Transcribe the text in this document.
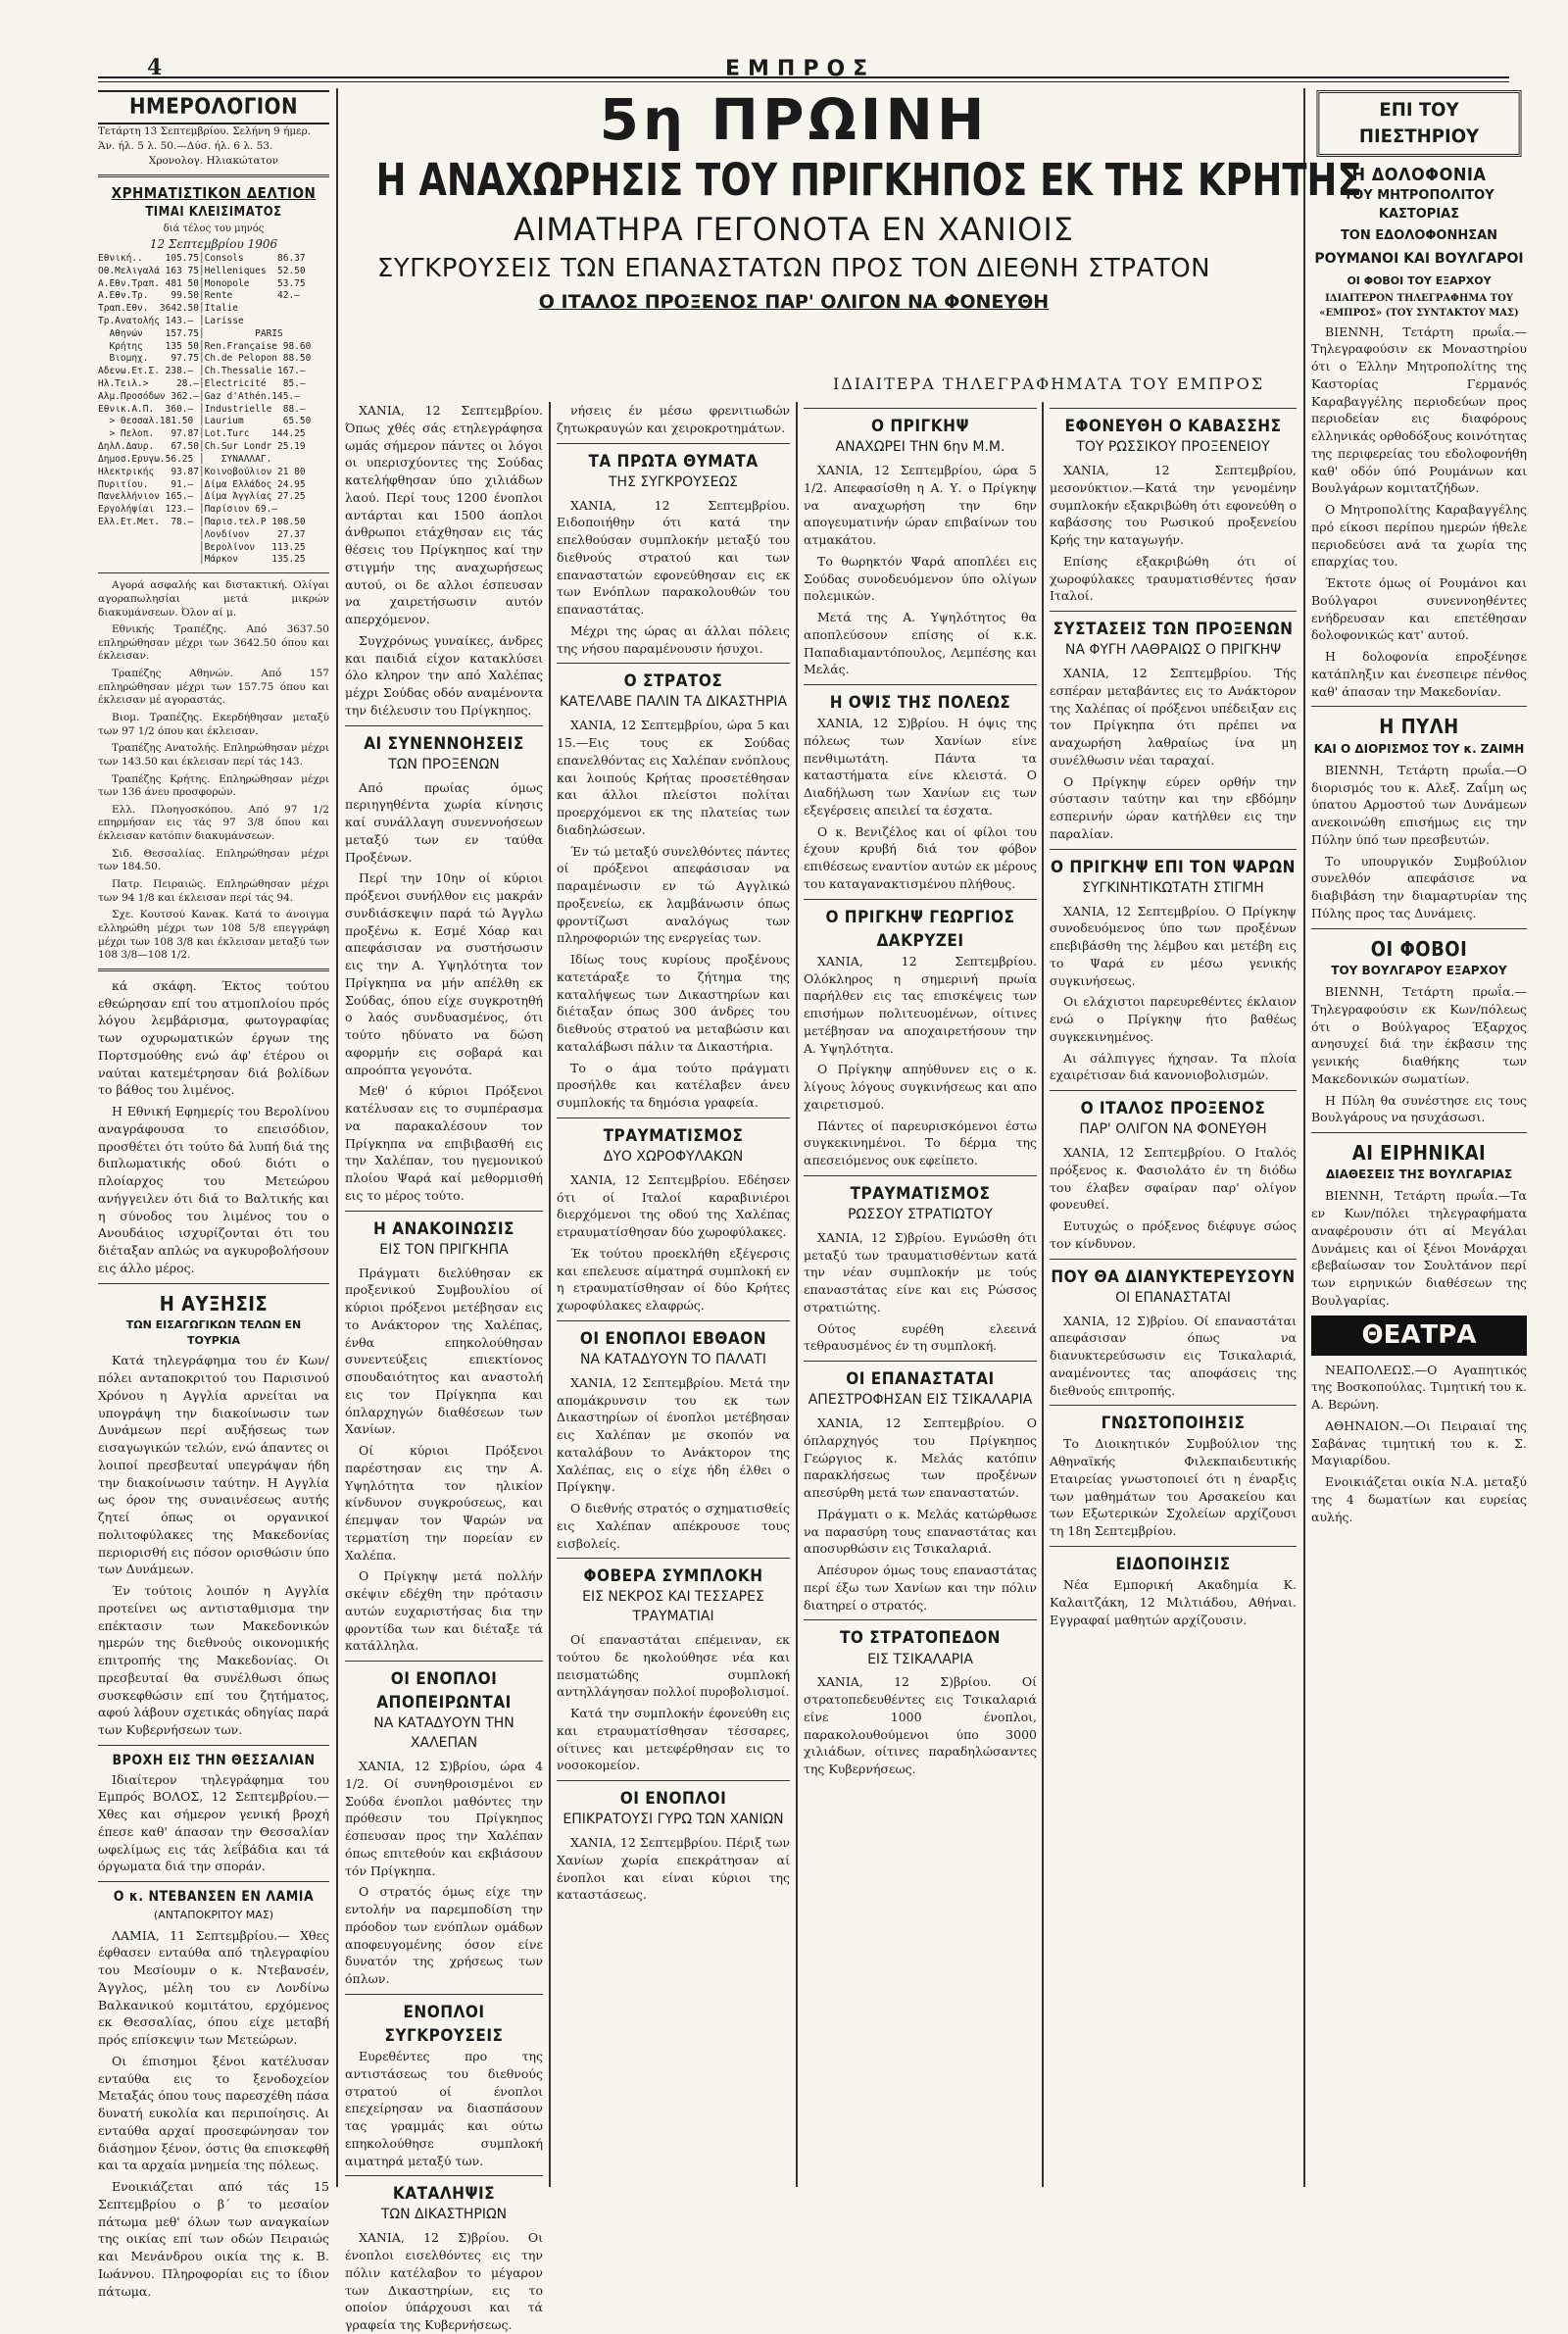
4	ΕΜΠΡΟΣ
5η ΠΡΩΙΝΗ
Η ΑΝΑΧΩΡΗΣΙΣ ΤΟΥ ΠΡΙΓΚΗΠΟΣ ΕΚ ΤΗΣ ΚΡΗΤΗΣ
ΑΙΜΑΤΗΡΑ ΓΕΓΟΝΟΤΑ ΕΝ ΧΑΝΙΟΙΣ
ΣΥΓΚΡΟΥΣΕΙΣ ΤΩΝ ΕΠΑΝΑΣΤΑΤΩΝ ΠΡΟΣ ΤΟΝ ΔΙΕΘΝΗ ΣΤΡΑΤΟΝ
Ο ΙΤΑΛΟΣ ΠΡΟΞΕΝΟΣ ΠΑΡ' ΟΛΙΓΟΝ ΝΑ ΦΟΝΕΥΘΗ
ΙΔΙΑΙΤΕΡΑ ΤΗΛΕΓΡΑΦΗΜΑΤΑ ΤΟΥ ΕΜΠΡΟΣ
ΗΜΕΡΟΛΟΓΙΟΝ
Τετάρτη 13 Σεπτεμβρίου. Σελήνη 9 ήμερ.
Άν. ήλ. 5 λ. 50.—Δύσ. ήλ. 6 λ. 53.
Χρονολογ. Ηλιακώτατον
ΧΡΗΜΑΤΙΣΤΙΚΟΝ ΔΕΛΤΙΟΝ
ΤΙΜΑΙ ΚΛΕΙΣΙΜΑΤΟΣ
διά τέλος του μηνός
12 Σεπτεμβρίου 1906
Εθνική..    105.75│Consols      86.37
Οθ.Μελιγαλά 163 75│Helleniques  52.50
Α.Εθν.Τραπ. 481 50│Monopole     53.75
Α.Εθν.Τρ.    99.50│Rente        42.—
Τραπ.Εθν.  3642.50│Italie
Τρ.Ανατολής 143.— │Larisse
Αθηνών    157.75│         PARIS
Κρήτης    135 50│Ren.Française 98.60
Βιομηχ.    97.75│Ch.de Pelopon 88.50
Αδενω.Ετ.Σ. 238.— │Ch.Thessalie 167.—
Ηλ.Τειλ.>     28.—│Electricité   85.—
Αλμ.Προσόδων 362.—│Gaz d'Athén.145.—
Εθνικ.Α.Π.  360.— │Industrielle  88.—
> Θεσσαλ.181.50 │Laurium       65.50
> Πελοπ.   97.87│Lot.Turc    144.25
ΔηλΛ.Δαυρ.   67.50│Ch.Sur Londr 25.19
Δημοσ.Ερυγω.56.25 │   ΣΥΝΑΛΛΑΓ.
Ηλεκτρικής   93.87│Κοινοβούλιον 21 80
Πυριτίου.    91.— │Δίμα Ελλάδος 24.95
Πανελλήνιον 165.— │Δίμα Άγγλίας 27.25
Εργολήψίαι  123.— │Παρίσιον 69.—
Ελλ.Ετ.Μετ.  78.— │Παρισ.τελ.Ρ 108.50
│Λονδίνον     27.37
│Βερολίνον   113.25
│Μάρκον      135.25

Αγορά ασφαλής και διστακτική. Ολίγαι αγοραπωλησίαι μετά μικρών διακυμάνσεων. Όλον αί μ.

Εθνικής Τραπέζης. Από 3637.50 επληρώθησαν μέχρι των 3642.50 όπου και έκλεισαν.

Τραπέζης Αθηνών. Από 157 επληρώθησαν μέχρι των 157.75 όπου και έκλεισαν μέ αγοραστάς.

Βιομ. Τραπέζης. Εκερδήθησαν μεταξύ των 97 1/2 όπου και έκλεισαν.

Τραπέζης Ανατολής. Επληρώθησαν μέχρι των 143.50 και έκλεισαν περί τάς 143.

Τραπέζης Κρήτης. Επληρώθησαν μέχρι των 136 άνευ προσφορών.

Ελλ. Πλοηγοσκόπου. Από 97 1/2 επηρμήσαν εις τάς 97 3/8 όπου και έκλεισαν κατόπιν διακυμάνσεων.

Σιδ. Θεσσαλίας. Επληρώθησαν μέχρι των 184.50.

Πατρ. Πειραιώς. Επληρώθησαν μέχρι των 94 1/8 και έκλεισαν περί τάς 94.

Σχε. Κουτσού Κανακ. Κατά το άνοιγμα ελληρώθη μέχρι των 108 5/8 επεγγράφη μέχρι των 108 3/8 και έκλεισαν μεταξύ των 108 3/8—108 1/2.

κά σκάφη. Έκτος τούτου εθεώρησαν επί του ατμοπλοίου πρός λόγου λεμβάρισμα, φωτογραφίας των οχυρωματικών έργων της Πορτσμούθης ενώ άφ' έτέρου οι ναύται κατεμέτρησαν διά βολίδων το βάθος του λιμένος.

Η Εθνική Εφημερίς του Βερολίνου αναγράφουσα το επεισόδιον, προσθέτει ότι τούτο δά λυπή διά της διπλωματικής οδού διότι ο πλοίαρχος του Μετεώρου ανήγγειλεν ότι διά το Βαλτικής και η σύνοδος του λιμένος του ο Ανουδάιος ισχυρίζονται ότι του διέταξαν απλώς να αγκυροβολήσουν εις άλλο μέρος.

Η ΑΥΞΗΣΙΣ
ΤΩΝ ΕΙΣΑΓΩΓΙΚΩΝ ΤΕΛΩΝ ΕΝ ΤΟΥΡΚΙΑ

Κατά τηλεγράφημα του έν Κων/πόλει ανταποκριτού του Παρισινού Χρόνου η Αγγλία αρνείται να υπογράψη την διακοίνωσιν των Δυνάμεων περί αυξήσεως των εισαγωγικών τελών, ενώ άπαντες οι λοιποί πρεσβευταί υπεγράψαν ήδη την διακοίνωσιν ταύτην. Η Αγγλία ως όρον της συναινέσεως αυτής ζητεί όπως οι οργανικοί πολιτοφύλακες της Μακεδονίας περιορισθή εις πόσον ορισθώσιν ύπο των Δυνάμεων.

Έν τούτοις λοιπόν η Αγγλία προτείνει ως αντισταθμισμα την επέκτασιν των Μακεδονικών ημερών της διεθνούς οικονομικής επιτροπής της Μακεδονίας. Οι πρεσβευταί θα συνέλθωσι όπως συσκεφθώσιν επί του ζητήματος, αφού λάβουν σχετικάς οδηγίας παρά των Κυβερνήσεων των.

ΒΡΟΧΗ ΕΙΣ ΤΗΝ ΘΕΣΣΑΛΙΑΝ

Ιδιαίτερον τηλεγράφημα του Εμπρός ΒΟΛΟΣ, 12 Σεπτεμβρίου.—Χθες και σήμερον γενική βροχή έπεσε καθ' άπασαν την Θεσσαλίαν ωφελίμως εις τάς λεΐβάδια και τά όργωματα διά την σποράν.

Ο κ. ΝΤΕΒΑΝΣΕΝ ΕΝ ΛΑΜΙΑ
(ΑΝΤΑΠΟΚΡΙΤΟΥ ΜΑΣ)

ΛΑΜΙΑ, 11 Σεπτεμβρίου.— Χθες έφθασεν ενταύθα από τηλεγραφίου του Μεσίουμν ο κ. Ντεβανσέν, Άγγλος, μέλη του εν Λονδίνω Βαλκανικού κομιτάτου, ερχόμενος εκ Θεσσαλίας, όπου είχε μεταβή πρός επίσκεψιν των Μετεώρων.

Οι έπισημοι ξένοι κατέλυσαν ενταύθα εις το ξενοδοχείον Μεταξάς όπου τους παρεσχέθη πάσα δυνατή ευκολία και περιποίησις. Αι ενταύθα αρχαί προσεφώνησαν τον διάσημον ξένον, όστις θα επισκεφθή και τα αρχαία μνημεία της πόλεως.

Ενοικιάζεται από τάς 15 Σεπτεμβρίου ο β΄ το μεσαίον πάτωμα μεθ' όλων των αναγκαίων της οικίας επί των οδών Πειραιώς και Μενάνδρου οικία της κ. Β. Ιωάννου. Πληροφορίαι εις το ίδιον πάτωμα.

ΧΑΝΙΑ, 12 Σεπτεμβρίου. Όπως χθές σάς ετηλεγράφησα ωμάς σήμερον πάντες οι λόγοι οι υπερισχύοντες της Σούδας κατελήφθησαν ύπο χιλιάδων λαού. Περί τους 1200 ένοπλοι αντάρται και 1500 άοπλοι άνθρωποι ετάχθησαν εις τάς θέσεις του Πρίγκηπος καί την στιγμήν της αναχωρήσεως αυτού, οι δε αλλοι έσπευσαν να χαιρετήσωσιν αυτόν απερχόμενον.

Συγχρόνως γυναίκες, άνδρες και παιδιά είχον κατακλύσει όλο κληρον την από Χαλέπας μέχρι Σούδας οδόν αναμένοντα την διέλευσιν του Πρίγκηπος.

ΑΙ ΣΥΝΕΝΝΟΗΣΕΙΣ
ΤΩΝ ΠΡΟΞΕΝΩΝ

Από πρωίας όμως περιηγηθέντα χωρία κίνησις καί συνάλλαγη συνεννοήσεων μεταξύ των εν ταύθα Προξένων.

Περί την 10ην οί κύριοι πρόξενοι συνήλθον εις μακράν συνδιάσκεψιν παρά τώ Άγγλω προξένω κ. Εσμέ Χόαρ και απεφάσισαν να συστήσωσιν εις την Α. Υψηλότητα τον Πρίγκηπα να μήν απέλθη εκ Σούδας, όπου είχε συγκροτηθή ο λαός συνδυασμένος, ότι τούτο ηδύνατο να δώση αφορμήν εις σοβαρά και απροόπτα γεγονότα.

Μεθ' ό κύριοι Πρόξενοι κατέλυσαν εις το συμπέρασμα να παρακαλέσουν τον Πρίγκηπα να επιβιβασθή εις την Χαλέπαν, του ηγεμονικού πλοίου Ψαρά καί μεθορμισθή εις το μέρος τούτο.

Η ΑΝΑΚΟΙΝΩΣΙΣ
ΕΙΣ ΤΟΝ ΠΡΙΓΚΗΠΑ

Πράγματι διελύθησαν εκ προξενικού Συμβουλίου οί κύριοι πρόξενοι μετέβησαν εις το Ανάκτορον της Χαλέπας, ένθα επηκολούθησαν συνεντεύξεις επιεκτίονος σπουδαιότητος και αναστολή εις τον Πρίγκηπα και όπλαρχηγών διαθέσεων των Χανίων.

Οί κύριοι Πρόξενοι παρέστησαν εις την Α. Υψηλότητα τον ηλικίον κίνδυνον συγκρούσεως, και έπεμψαν τον Ψαρών να τερματίση την πορείαν εν Χαλέπα.

Ο Πρίγκηψ μετά πολλήν σκέψιν εδέχθη την πρότασιν αυτών ευχαριστήσας δια την φροντίδα των και διέταξε τά κατάλληλα.

ΟΙ ΕΝΟΠΛΟΙ ΑΠΟΠΕΙΡΩΝΤΑΙ
ΝΑ ΚΑΤΑΔΥΟΥΝ ΤΗΝ ΧΑΛΕΠΑΝ

ΧΑΝΙΑ, 12 Σ)βρίου, ώρα 4 1/2. Οί συνηθροισμένοι εν Σούδα ένοπλοι μαθόντες την πρόθεσιν του Πρίγκηπος έσπευσαν προς την Χαλέπαν όπως επιτεθούν και εκβιάσουν τόν Πρίγκηπα.

Ο στρατός όμως είχε την εντολήν να παρεμποδίση την πρόοδον των ενόπλων ομάδων αποφευγομένης όσον είνε δυνατόν της χρήσεως των όπλων.

ΕΝΟΠΛΟΙ ΣΥΓΚΡΟΥΣΕΙΣ

Ευρεθέντες προ της αντιστάσεως του διεθνούς στρατού οί ένοπλοι επεχείρησαν να διασπάσουν τας γραμμάς και ούτω επηκολούθησε συμπλοκή αιματηρά μεταξύ των.

ΚΑΤΑΛΗΨΙΣ
ΤΩΝ ΔΙΚΑΣΤΗΡΙΩΝ

ΧΑΝΙΑ, 12 Σ)βρίου. Οι ένοπλοι εισελθόντες εις την πόλιν κατέλαβον το μέγαρον των Δικαστηρίων, εις το οποίον ύπάρχουσι και τά γραφεία της Κυβερνήσεως.

νήσεις έν μέσω φρενιτιωδών ζητωκραυγών και χειροκροτημάτων.

ΤΑ ΠΡΩΤΑ ΘΥΜΑΤΑ
ΤΗΣ ΣΥΓΚΡΟΥΣΕΩΣ

ΧΑΝΙΑ, 12 Σεπτεμβρίου. Ειδοποιήθην ότι κατά την επελθούσαν συμπλοκήν μεταξύ του διεθνούς στρατού και των επαναστατών εφονεύθησαν εις εκ των Ενόπλων παρακολουθών του επαναστάτας.

Μέχρι της ώρας αι άλλαι πόλεις της νήσου παραμένουσιν ήσυχοι.

Ο ΣΤΡΑΤΟΣ
ΚΑΤΕΛΑΒΕ ΠΑΛΙΝ ΤΑ ΔΙΚΑΣΤΗΡΙΑ

ΧΑΝΙΑ, 12 Σεπτεμβρίου, ώρα 5 και 15.—Εις τους εκ Σούδας επανελθόντας εις Χαλέπαν ενόπλους και λοιπούς Κρήτας προσετέθησαν και άλλοι πλείστοι πολίται προερχόμενοι εκ της πλατείας των διαδηλώσεων.

Έν τώ μεταξύ συνελθόντες πάντες οί πρόξενοι απεφάσισαν να παραμένωσιν εν τώ Αγγλικώ προξενείω, εκ λαμβάνωσιν όπως φροντίζωσι αναλόγως των πληροφοριών της ενεργείας των.

Ιδίως τους κυρίους προξένους κατετάραξε το ζήτημα της καταλήψεως των Δικαστηρίων και διέταξαν όπως 300 άνδρες του διεθνούς στρατού να μεταβώσιν και καταλάβωσι πάλιν τα Δικαστήρια.

Το ο άμα τούτο πράγματι προσήλθε και κατέλαβεν άνευ συμπλοκής τα δημόσια γραφεία.

ΤΡΑΥΜΑΤΙΣΜΟΣ
ΔΥΟ ΧΩΡΟΦΥΛΑΚΩΝ

ΧΑΝΙΑ, 12 Σεπτεμβρίου. Εδέησεν ότι οί Ιταλοί καραβινιέροι διερχόμενοι της οδού της Χαλέπας ετραυματίσθησαν δύο χωροφύλακες.

Έκ τούτου προεκλήθη εξέγερσις και επελευσε αίματηρά συμπλοκή εν η ετραυματίσθησαν οί δύο Κρήτες χωροφύλακες ελαφρώς.

ΟΙ ΕΝΟΠΛΟΙ ΕΒΘΑΟΝ
ΝΑ ΚΑΤΑΔΥΟΥΝ ΤΟ ΠΑΛΑΤΙ

ΧΑΝΙΑ, 12 Σεπτεμβρίου. Μετά την απομάκρυνσιν του εκ των Δικαστηρίων οί ένοπλοι μετέβησαν εις Χαλέπαν με σκοπόν να καταλάβουν το Ανάκτορον της Χαλέπας, εις ο είχε ήδη έλθει ο Πρίγκηψ.

Ο διεθνής στρατός ο σχηματισθείς εις Χαλέπαν απέκρουσε τους εισβολείς.

ΦΟΒΕΡΑ ΣΥΜΠΛΟΚΗ
ΕΙΣ ΝΕΚΡΟΣ ΚΑΙ ΤΕΣΣΑΡΕΣ ΤΡΑΥΜΑΤΙΑΙ

Οί επαναστάται επέμειναν, εκ τούτου δε ηκολούθησε νέα και πεισματώδης συμπλοκή αντηλλάγησαν πολλοί πυροβολισμοί.

Κατά την συμπλοκήν έφονεύθη εις και ετραυματίσθησαν τέσσαρες, οίτινες και μετεφέρθησαν εις το νοσοκομείον.

ΟΙ ΕΝΟΠΛΟΙ
ΕΠΙΚΡΑΤΟΥΣΙ ΓΥΡΩ ΤΩΝ ΧΑΝΙΩΝ

ΧΑΝΙΑ, 12 Σεπτεμβρίου. Πέριξ των Χανίων χωρία επεκράτησαν αί ένοπλοι και είναι κύριοι της καταστάσεως.

Ο ΠΡΙΓΚΗΨ
ΑΝΑΧΩΡΕΙ ΤΗΝ 6ην Μ.Μ.

ΧΑΝΙΑ, 12 Σεπτεμβρίου, ώρα 5 1/2. Απεφασίσθη η Α. Υ. ο Πρίγκηψ να αναχωρήση την 6ην απογευματινήν ώραν επιβαίνων του ατμακάτου.

Το θωρηκτόν Ψαρά αποπλέει εις Σούδας συνοδευόμενον ύπο ολίγων πολεμικών.

Μετά της Α. Υψηλότητος θα αποπλεύσουν επίσης οί κ.κ. Παπαδιαμαντόπουλος, Λεμπέσης και Μελάς.

Η ΟΨΙΣ ΤΗΣ ΠΟΛΕΩΣ

ΧΑΝΙΑ, 12 Σ)βρίου. Η όψις της πόλεως των Χανίων είνε πενθιμωτάτη. Πάντα τα καταστήματα είνε κλειστά. Ο Διαδήλωση των Χανίων εις των εξεγέρσεις απειλεί τα έσχατα.

Ο κ. Βενιζέλος και οί φίλοι του έχουν κρυβή διά τον φόβον επιθέσεως εναντίον αυτών εκ μέρους του καταγανακτισμένου πλήθους.

Ο ΠΡΙΓΚΗΨ ΓΕΩΡΓΙΟΣ ΔΑΚΡΥΖΕΙ

ΧΑΝΙΑ, 12 Σεπτεμβρίου. Ολόκληρος η σημερινή πρωία παρήλθεν εις τας επισκέψεις των επισήμων πολιτευομένων, οίτινες μετέβησαν να αποχαιρετήσουν την Α. Υψηλότητα.

Ο Πρίγκηψ απηύθυνεν εις ο κ. λίγους λόγους συγκινήσεως και απο χαιρετισμού.

Πάντες οί παρευρισκόμενοι έστω συγκεκινημένοι. Το δέρμα της απεσειόμενος ουκ εφείπετο.

ΤΡΑΥΜΑΤΙΣΜΟΣ
ΡΩΣΣΟΥ ΣΤΡΑΤΙΩΤΟΥ

ΧΑΝΙΑ, 12 Σ)βρίου. Εγνώσθη ότι μεταξύ των τραυματισθέντων κατά την νέαν συμπλοκήν με τούς επαναστάτας είνε και εις Ρώσσος στρατιώτης.

Ούτος ευρέθη ελεεινά τεθραυσμένος έν τη συμπλοκή.

ΟΙ ΕΠΑΝΑΣΤΑΤΑΙ
ΑΠΕΣΤΡΟΦΗΣΑΝ ΕΙΣ ΤΣΙΚΑΛΑΡΙΑ

ΧΑΝΙΑ, 12 Σεπτεμβρίου. Ο όπλαρχηγός του Πρίγκηπος Γεώργιος κ. Μελάς κατόπιν παρακλήσεως των προξένων απεσύρθη μετά των επαναστατών.

Πράγματι ο κ. Μελάς κατώρθωσε να παρασύρη τους επαναστάτας και αποσυρθώσιν εις Τσικαλαριά.

Απέσυρον όμως τους επαναστάτας περί έξω των Χανίων και την πόλιν διατηρεί ο στρατός.

ΤΟ ΣΤΡΑΤΟΠΕΔΟΝ
ΕΙΣ ΤΣΙΚΑΛΑΡΙΑ

ΧΑΝΙΑ, 12 Σ)βρίου. Οί στρατοπεδευθέντες εις Τσικαλαριά είνε 1000 ένοπλοι, παρακολουθούμενοι ύπο 3000 χιλιάδων, οίτινες παραδηλώσαντες της Κυβερνήσεως.

ΕΦΟΝΕΥΘΗ Ο ΚΑΒΑΣΣΗΣ
ΤΟΥ ΡΩΣΣΙΚΟΥ ΠΡΟΞΕΝΕΙΟΥ

ΧΑΝΙΑ, 12 Σεπτεμβρίου, μεσονύκτιον.—Κατά την γενομένην συμπλοκήν εξακριβώθη ότι εφονεύθη ο καβάσσης του Ρωσικού προξενείου Κρής την καταγωγήν.

Επίσης εξακριβώθη ότι οί χωροφύλακες τραυματισθέντες ήσαν Ιταλοί.

ΣΥΣΤΑΣΕΙΣ ΤΩΝ ΠΡΟΞΕΝΩΝ
ΝΑ ΦΥΓΗ ΛΑΘΡΑΙΩΣ Ο ΠΡΙΓΚΗΨ

ΧΑΝΙΑ, 12 Σεπτεμβρίου. Τής εσπέραν μεταβάντες εις το Ανάκτορον της Χαλέπας οί πρόξενοι υπέδειξαν εις τον Πρίγκηπα ότι πρέπει να αναχωρήση λαθραίως ίνα μη συνέλθωσιν νέαι ταραχαί.

Ο Πρίγκηψ εύρεν ορθήν την σύστασιν ταύτην και την εβδόμην εσπερινήν ώραν κατήλθεν εις την παραλίαν.

Ο ΠΡΙΓΚΗΨ ΕΠΙ ΤΟΝ ΨΑΡΩΝ
ΣΥΓΚΙΝΗΤΙΚΩΤΑΤΗ ΣΤΙΓΜΗ

ΧΑΝΙΑ, 12 Σεπτεμβρίου. Ο Πρίγκηψ συνοδευόμενος ύπο των προξένων επεβιβάσθη της λέμβου και μετέβη εις το Ψαρά εν μέσω γενικής συγκινήσεως.

Οι ελάχιστοι παρευρεθέντες έκλαιον ενώ ο Πρίγκηψ ήτο βαθέως συγκεκινημένος.

Αι σάλπιγγες ήχησαν. Τα πλοία εχαιρέτισαν διά κανονιοβολισμών.

Ο ΙΤΑΛΟΣ ΠΡΟΞΕΝΟΣ
ΠΑΡ' ΟΛΙΓΟΝ ΝΑ ΦΟΝΕΥΘΗ

ΧΑΝΙΑ, 12 Σεπτεμβρίου. Ο Ιταλός πρόξενος κ. Φασιολάτο έν τη διόδω του έλαβεν σφαίραν παρ' ολίγον φονευθεί.

Ευτυχώς ο πρόξενος διέφυγε σώος τον κίνδυνον.

ΠΟΥ ΘΑ ΔΙΑΝΥΚΤΕΡΕΥΣΟΥΝ
ΟΙ ΕΠΑΝΑΣΤΑΤΑΙ

ΧΑΝΙΑ, 12 Σ)βρίου. Οί επαναστάται απεφάσισαν όπως να διανυκτερεύσωσιν εις Τσικαλαριά, αναμένοντες τας αποφάσεις της διεθνούς επιτροπής.

ΓΝΩΣΤΟΠΟΙΗΣΙΣ

Το Διοικητικόν Συμβούλιον της Αθηναϊκής Φιλεκπαιδευτικής Εταιρείας γνωστοποιεί ότι η έναρξις των μαθημάτων του Αρσακείου και των Εξωτερικών Σχολείων αρχίζουσι τη 18η Σεπτεμβρίου.

ΕΙΔΟΠΟΙΗΣΙΣ

Νέα Εμπορική Ακαδημία Κ. Καλαιτζάκη, 12 Μιλτιάδου, Αθήναι. Εγγραφαί μαθητών αρχίζουσιν.

ΕΠΙ ΤΟΥ ΠΙΕΣΤΗΡΙΟΥ
Η ΔΟΛΟΦΟΝΙΑ
ΤΟΥ ΜΗΤΡΟΠΟΛΙΤΟΥ ΚΑΣΤΟΡΙΑΣ
ΤΟΝ ΕΔΟΛΟΦΟΝΗΣΑΝ
ΡΟΥΜΑΝΟΙ ΚΑΙ ΒΟΥΛΓΑΡΟΙ
ΟΙ ΦΟΒΟΙ ΤΟΥ ΕΞΑΡΧΟΥ
ΙΔΙΑΙΤΕΡΟΝ ΤΗΛΕΓΡΑΦΗΜΑ ΤΟΥ «ΕΜΠΡΟΣ» (ΤΟΥ ΣΥΝΤΑΚΤΟΥ ΜΑΣ)

ΒΙΕΝΝΗ, Τετάρτη πρωΐα.—Τηλεγραφούσιν εκ Μοναστηρίου ότι ο Έλλην Μητροπολίτης της Καστορίας Γερμανός Καραβαγγέλης περιοδεύων προς περιοδείαν εις διαφόρους ελληνικάς ορθοδόξους κοινότητας της περιφερείας του εδολοφονήθη καθ' οδόν ύπό Ρουμάνων και Βουλγάρων κομιτατζήδων.

Ο Μητροπολίτης Καραβαγγέλης πρό είκοσι περίπου ημερών ήθελε περιοδεύσει ανά τα χωρία της επαρχίας του.

Έκτοτε όμως οί Ρουμάνοι και Βούλγαροι συνεννοηθέντες ενήδρευσαν και επετέθησαν δολοφονικώς κατ' αυτού.

Η δολοφονία επροξένησε κατάπληξιν και ένεσπειρε πένθος καθ' άπασαν την Μακεδονίαν.

Η ΠΥΛΗ
ΚΑΙ Ο ΔΙΟΡΙΣΜΟΣ ΤΟΥ κ. ΖΑΙΜΗ

ΒΙΕΝΝΗ, Τετάρτη πρωΐα.—Ο διορισμός του κ. Αλεξ. Ζαΐμη ως ύπατου Αρμοστού των Δυνάμεων ανεκοινώθη επισήμως εις την Πύλην ύπό των πρεσβευτών.

Το υπουργικόν Συμβούλιον συνελθόν απεφάσισε να διαβιβάση την διαμαρτυρίαν της Πύλης προς τας Δυνάμεις.

ΟΙ ΦΟΒΟΙ
ΤΟΥ ΒΟΥΛΓΑΡΟΥ ΕΞΑΡΧΟΥ

ΒΙΕΝΝΗ, Τετάρτη πρωΐα.—Τηλεγραφούσιν εκ Κων/πόλεως ότι ο Βούλγαρος Έξαρχος ανησυχεί διά την έκβασιν της γενικής διαθήκης των Μακεδονικών σωματίων.

Η Πύλη θα συνέστησε εις τους Βουλγάρους να ησυχάσωσι.

ΑΙ ΕΙΡΗΝΙΚΑΙ
ΔΙΑΘΕΣΕΙΣ ΤΗΣ ΒΟΥΛΓΑΡΙΑΣ

ΒΙΕΝΝΗ, Τετάρτη πρωΐα.—Τα εν Κων/πόλει τηλεγραφήματα αναφέρουσιν ότι αί Μεγάλαι Δυνάμεις και οί ξένοι Μονάρχαι εβεβαίωσαν τον Σουλτάνον περί των ειρηνικών διαθέσεων της Βουλγαρίας.

ΘΕΑΤΡΑ

ΝΕΑΠΟΛΕΩΣ.—Ο Αγαπητικός της Βοσκοπούλας. Τιμητική του κ. Α. Βερώνη.

ΑΘΗΝΑΙΟΝ.—Οι Πειραιαί της Σαβάνας τιμητική του κ. Σ. Μαγιαρίδου.

Ενοικιάζεται οικία Ν.Α. μεταξύ της 4 δωματίων και ευρείας αυλής.
